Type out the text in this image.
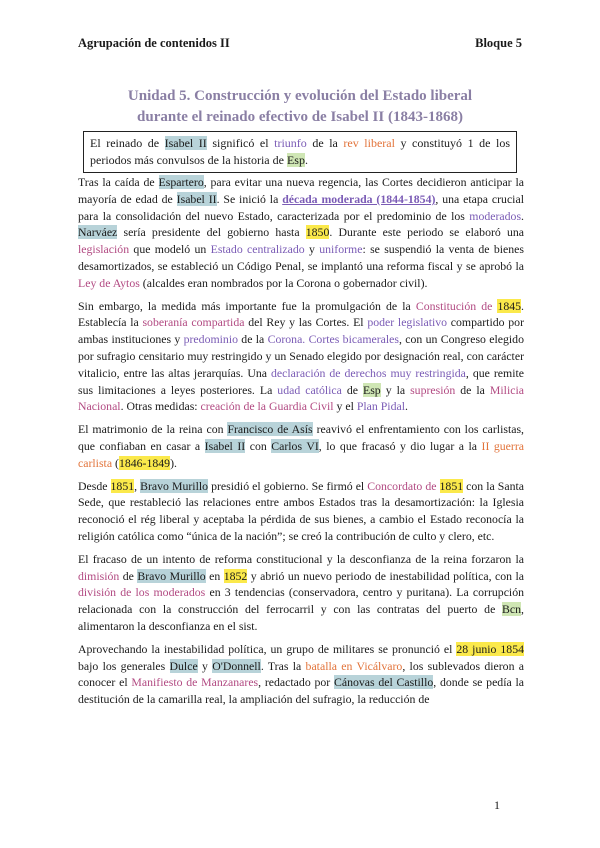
Agrupación de contenidos II	Bloque 5
Unidad 5. Construcción y evolución del Estado liberal
durante el reinado efectivo de Isabel II (1843-1868)
El reinado de Isabel II significó el triunfo de la rev liberal y constituyó 1 de los periodos más convulsos de la historia de Esp.

Tras la caída de Espartero, para evitar una nueva regencia, las Cortes decidieron anticipar la mayoría de edad de Isabel II. Se inició la década moderada (1844-1854), una etapa crucial para la consolidación del nuevo Estado, caracterizada por el predominio de los moderados. Narváez sería presidente del gobierno hasta 1850. Durante este periodo se elaboró una legislación que modeló un Estado centralizado y uniforme: se suspendió la venta de bienes desamortizados, se estableció un Código Penal, se implantó una reforma fiscal y se aprobó la Ley de Aytos (alcaldes eran nombrados por la Corona o gobernador civil).

Sin embargo, la medida más importante fue la promulgación de la Constitución de 1845. Establecía la soberanía compartida del Rey y las Cortes. El poder legislativo compartido por ambas instituciones y predominio de la Corona. Cortes bicamerales, con un Congreso elegido por sufragio censitario muy restringido y un Senado elegido por designación real, con carácter vitalicio, entre las altas jerarquías. Una declaración de derechos muy restringida, que remite sus limitaciones a leyes posteriores. La udad católica de Esp y la supresión de la Milicia Nacional. Otras medidas: creación de la Guardia Civil y el Plan Pidal.

El matrimonio de la reina con Francisco de Asís reavivó el enfrentamiento con los carlistas, que confiaban en casar a Isabel II con Carlos VI, lo que fracasó y dio lugar a la II guerra carlista (1846-1849).

Desde 1851, Bravo Murillo presidió el gobierno. Se firmó el Concordato de 1851 con la Santa Sede, que restableció las relaciones entre ambos Estados tras la desamortización: la Iglesia reconoció el rég liberal y aceptaba la pérdida de sus bienes, a cambio el Estado reconocía la religión católica como “única de la nación”; se creó la contribución de culto y clero, etc.

El fracaso de un intento de reforma constitucional y la desconfianza de la reina forzaron la dimisión de Bravo Murillo en 1852 y abrió un nuevo periodo de inestabilidad política, con la división de los moderados en 3 tendencias (conservadora, centro y puritana). La corrupción relacionada con la construcción del ferrocarril y con las contratas del puerto de Bcn, alimentaron la desconfianza en el sist.

Aprovechando la inestabilidad política, un grupo de militares se pronunció el 28 junio 1854 bajo los generales Dulce y O'Donnell. Tras la batalla en Vicálvaro, los sublevados dieron a conocer el Manifiesto de Manzanares, redactado por Cánovas del Castillo, donde se pedía la destitución de la camarilla real, la ampliación del sufragio, la reducción de

1
